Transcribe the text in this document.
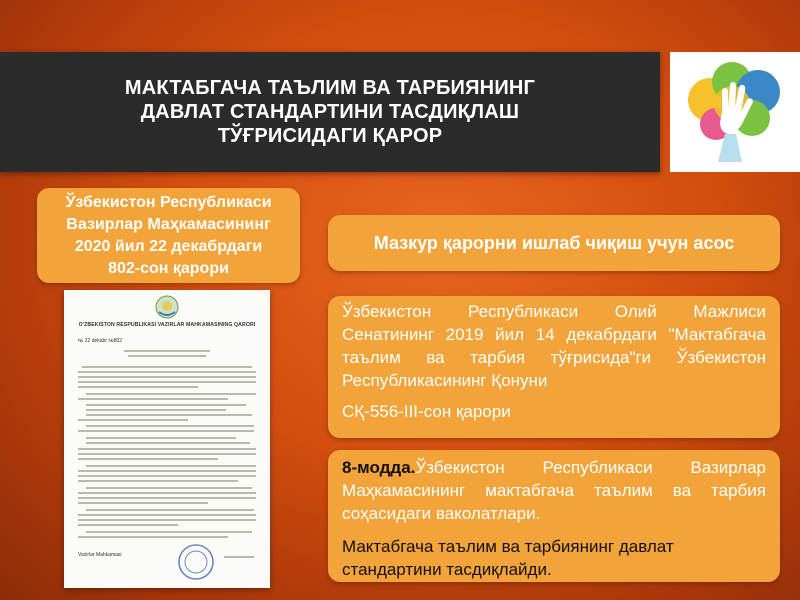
МАКТАБГАЧА ТАЪЛИМ ВА ТАРБИЯНИНГ
ДАВЛАТ СТАНДАРТИНИ ТАСДИҚЛАШ
ТЎҒРИСИДАГИ ҚАРОР
Ўзбекистон Республикаси
Вазирлар Маҳкамасининг
2020 йил 22 декабрдаги
802-сон қарори
O'ZBEKISTON RESPUBLIKASI VAZIRLAR MAHKAMASINING QARORI
№ 22 dekabr №802
Vazirlar Mahkamasi
Мазкур қарорни ишлаб чиқиш учун асос

Ўзбекистон Республикаси Олий Мажлиси Сенатининг 2019 йил 14 декабрдаги "Мактабгача таълим ва тарбия тўғрисида"ги Ўзбекистон Республикасининг Қонуни

СҚ-556-III-сон қарори

8-модда.Ўзбекистон Республикаси Вазирлар Маҳкамасининг мактабгача таълим ва тарбия соҳасидаги ваколатлари.

Мактабгача таълим ва тарбиянинг давлат стандартини тасдиқлайди.
